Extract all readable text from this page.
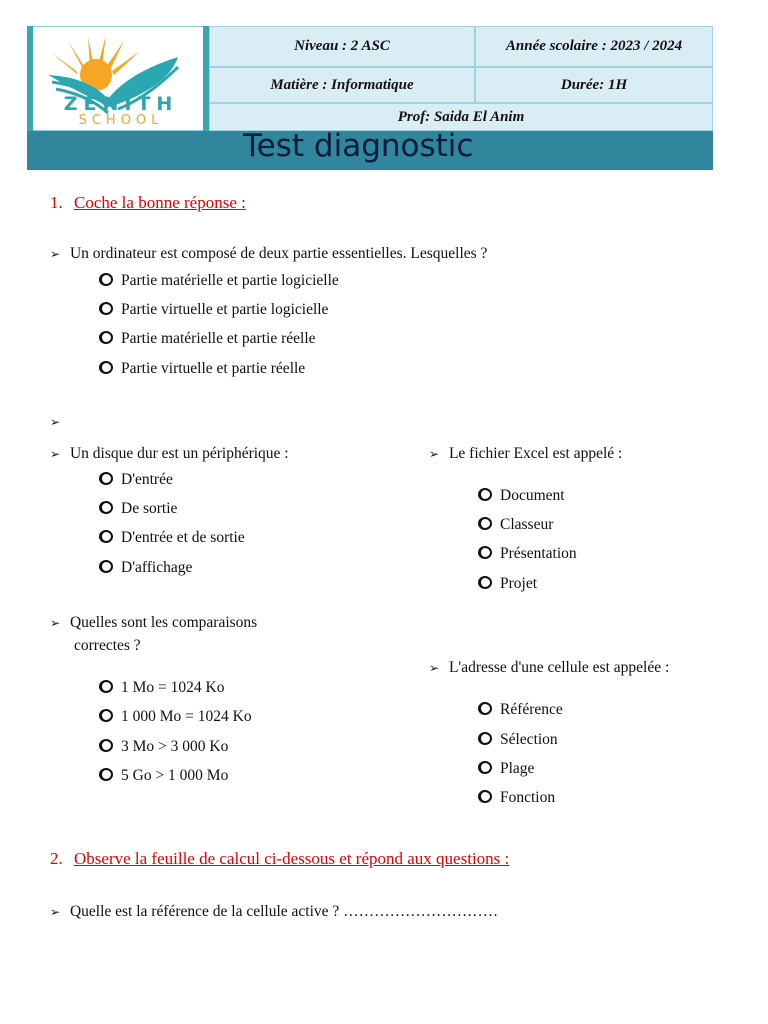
ZENITH
SCHOOL
Niveau : 2 ASC	Année scolaire : 2023 / 2024
Matière : Informatique	Durée: 1H
Prof: Saida El Anim
Test diagnostic
1. Coche la bonne réponse :
➢ Un ordinateur est composé de deux partie essentielles. Lesquelles ?
Partie matérielle et partie logicielle
Partie virtuelle et partie logicielle
Partie matérielle et partie réelle
Partie virtuelle et partie réelle
➢
➢ Un disque dur est un périphérique :
D'entrée
De sortie
D'entrée et de sortie
D'affichage
➢ Quelles sont les comparaisons
correctes ?
1 Mo = 1024 Ko
1 000 Mo = 1024 Ko
3 Mo > 3 000 Ko
5 Go > 1 000 Mo
➢ Le fichier Excel est appelé :
Document
Classeur
Présentation
Projet
➢ L'adresse d'une cellule est appelée :
Référence
Sélection
Plage
Fonction
2. Observe la feuille de calcul ci-dessous et répond aux questions :
➢ Quelle est la référence de la cellule active ? …………………………
